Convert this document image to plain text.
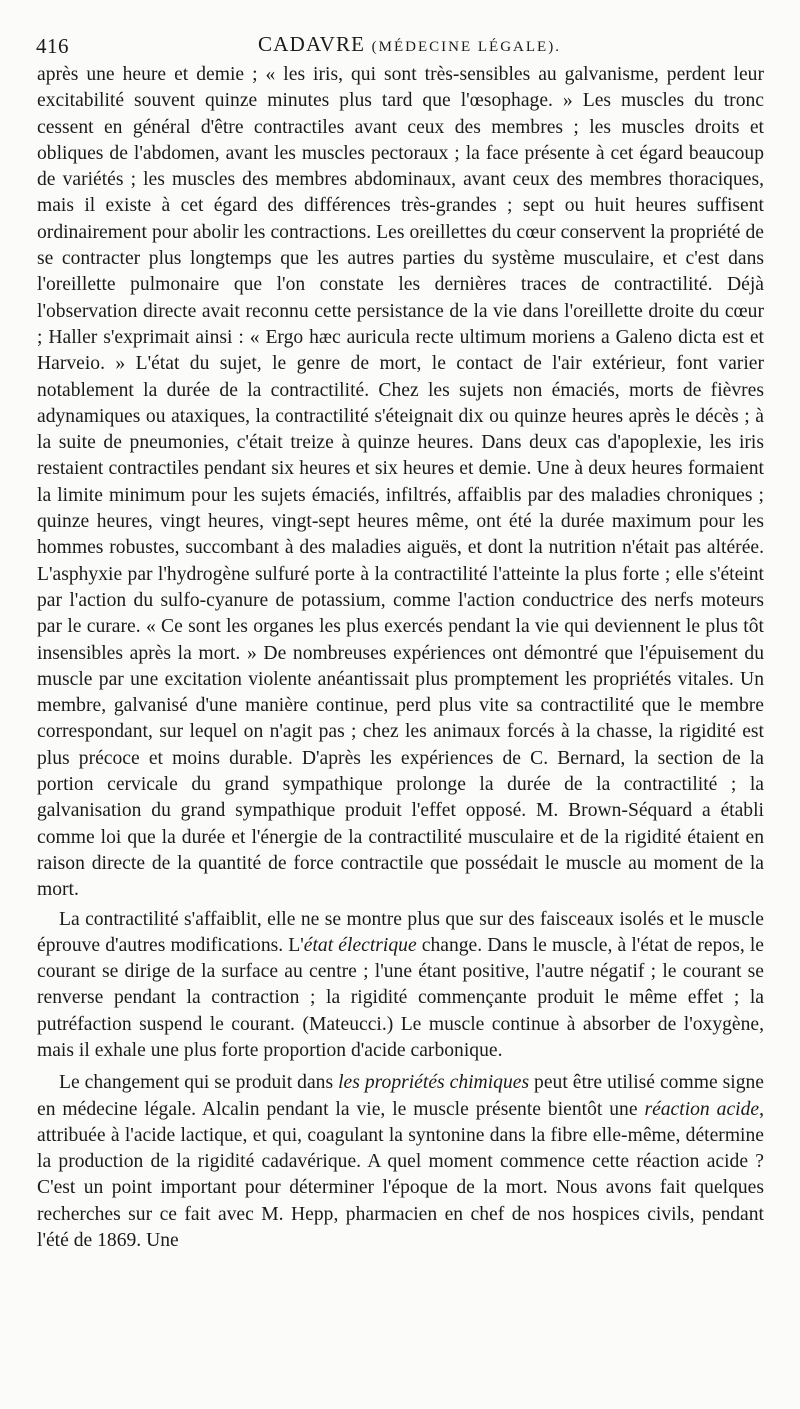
416	CADAVRE (MÉDECINE LÉGALE).

après une heure et demie ; « les iris, qui sont très-sensibles au galvanisme, perdent leur excitabilité souvent quinze minutes plus tard que l'œsophage. » Les muscles du tronc cessent en général d'être contractiles avant ceux des membres ; les muscles droits et obliques de l'abdomen, avant les muscles pectoraux ; la face présente à cet égard beaucoup de variétés ; les muscles des membres abdominaux, avant ceux des membres thoraciques, mais il existe à cet égard des différences très-grandes ; sept ou huit heures suffisent ordinairement pour abolir les contractions. Les oreillettes du cœur conservent la propriété de se contracter plus longtemps que les autres parties du système musculaire, et c'est dans l'oreillette pulmonaire que l'on constate les dernières traces de contractilité. Déjà l'observation directe avait reconnu cette persistance de la vie dans l'oreillette droite du cœur ; Haller s'exprimait ainsi : « Ergo hæc auricula recte ultimum moriens a Galeno dicta est et Harveio. » L'état du sujet, le genre de mort, le contact de l'air extérieur, font varier notablement la durée de la contractilité. Chez les sujets non émaciés, morts de fièvres adynamiques ou ataxiques, la contractilité s'éteignait dix ou quinze heures après le décès ; à la suite de pneumonies, c'était treize à quinze heures. Dans deux cas d'apoplexie, les iris restaient contractiles pendant six heures et six heures et demie. Une à deux heures formaient la limite minimum pour les sujets émaciés, infiltrés, affaiblis par des maladies chroniques ; quinze heures, vingt heures, vingt-sept heures même, ont été la durée maximum pour les hommes robustes, succombant à des maladies aiguës, et dont la nutrition n'était pas altérée. L'asphyxie par l'hydrogène sulfuré porte à la contractilité l'atteinte la plus forte ; elle s'éteint par l'action du sulfo-cyanure de potassium, comme l'action conductrice des nerfs moteurs par le curare. « Ce sont les organes les plus exercés pendant la vie qui deviennent le plus tôt insensibles après la mort. » De nombreuses expériences ont démontré que l'épuisement du muscle par une excitation violente anéantissait plus promptement les propriétés vitales. Un membre, galvanisé d'une manière continue, perd plus vite sa contractilité que le membre correspondant, sur lequel on n'agit pas ; chez les animaux forcés à la chasse, la rigidité est plus précoce et moins durable. D'après les expériences de C. Bernard, la section de la portion cervicale du grand sympathique prolonge la durée de la contractilité ; la galvanisation du grand sympathique produit l'effet opposé. M. Brown-Séquard a établi comme loi que la durée et l'énergie de la contractilité musculaire et de la rigidité étaient en raison directe de la quantité de force contractile que possédait le muscle au moment de la mort.

La contractilité s'affaiblit, elle ne se montre plus que sur des faisceaux isolés et le muscle éprouve d'autres modifications. L'état électrique change. Dans le muscle, à l'état de repos, le courant se dirige de la surface au centre ; l'une étant positive, l'autre négatif ; le courant se renverse pendant la contraction ; la rigidité commençante produit le même effet ; la putréfaction suspend le courant. (Mateucci.) Le muscle continue à absorber de l'oxygène, mais il exhale une plus forte proportion d'acide carbonique.

Le changement qui se produit dans les propriétés chimiques peut être utilisé comme signe en médecine légale. Alcalin pendant la vie, le muscle présente bientôt une réaction acide, attribuée à l'acide lactique, et qui, coagulant la syntonine dans la fibre elle-même, détermine la production de la rigidité cadavérique. A quel moment commence cette réaction acide ? C'est un point important pour déterminer l'époque de la mort. Nous avons fait quelques recherches sur ce fait avec M. Hepp, pharmacien en chef de nos hospices civils, pendant l'été de 1869. Une
